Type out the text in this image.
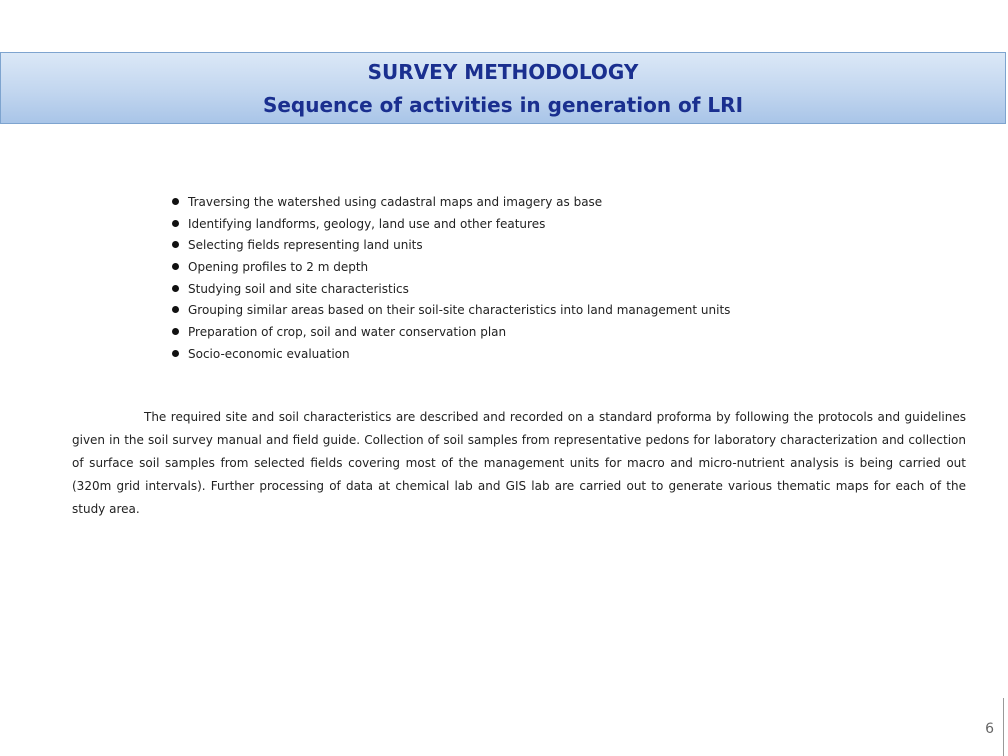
SURVEY METHODOLOGY
Sequence of activities in generation of LRI
Traversing the watershed using cadastral maps and imagery as base
Identifying landforms, geology, land use and other features
Selecting fields representing land units
Opening profiles to 2 m depth
Studying soil and site characteristics
Grouping similar areas based on their soil-site characteristics into land management units
Preparation of crop, soil and water conservation plan
Socio-economic evaluation

The required site and soil characteristics are described and recorded on a standard proforma by following the protocols and guidelines given in the soil survey manual and field guide. Collection of soil samples from representative pedons for laboratory characterization and collection of surface soil samples from selected fields covering most of the management units for macro and micro-nutrient analysis is being carried out (320m grid intervals). Further processing of data at chemical lab and GIS lab are carried out to generate various thematic maps for each of the study area.

6
